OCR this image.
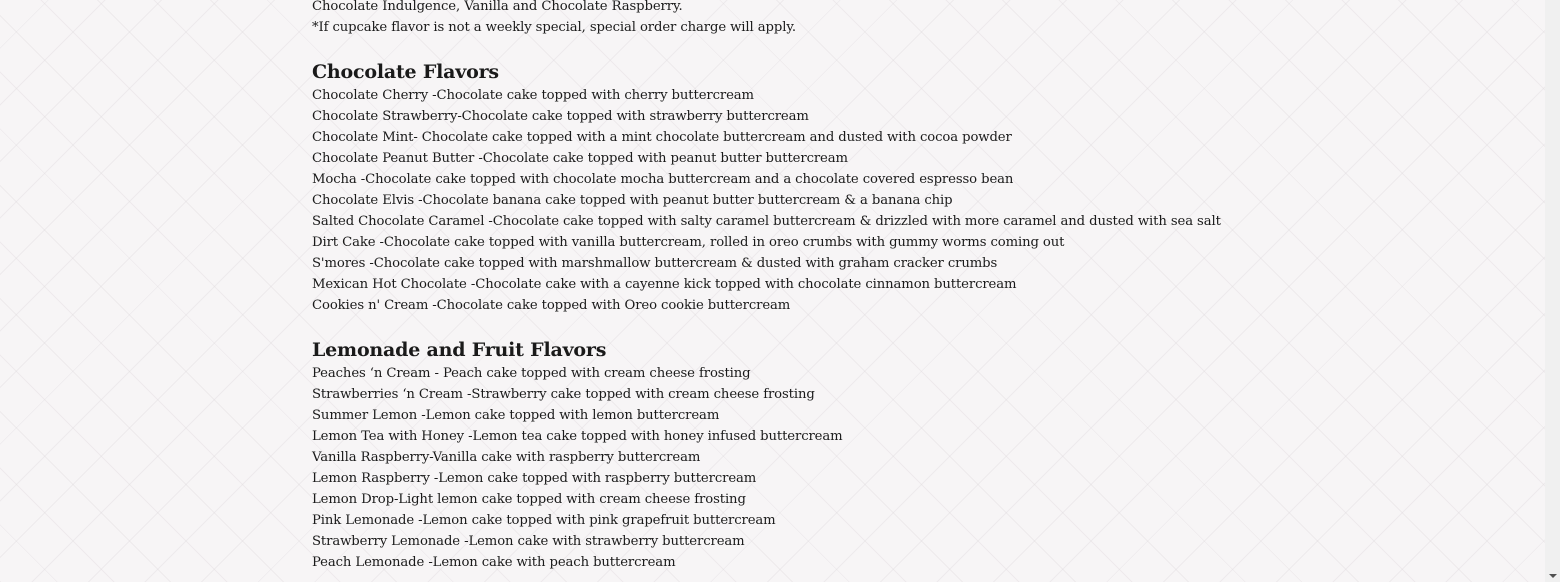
Chocolate Indulgence, Vanilla and Chocolate Raspberry.
*If cupcake flavor is not a weekly special, special order charge will apply.
Chocolate Flavors
Chocolate Cherry -Chocolate cake topped with cherry buttercream
Chocolate Strawberry-Chocolate cake topped with strawberry buttercream
Chocolate Mint- Chocolate cake topped with a mint chocolate buttercream and dusted with cocoa powder
Chocolate Peanut Butter -Chocolate cake topped with peanut butter buttercream
Mocha -Chocolate cake topped with chocolate mocha buttercream and a chocolate covered espresso bean
Chocolate Elvis -Chocolate banana cake topped with peanut butter buttercream & a banana chip
Salted Chocolate Caramel -Chocolate cake topped with salty caramel buttercream & drizzled with more caramel and dusted with sea salt
Dirt Cake -Chocolate cake topped with vanilla buttercream, rolled in oreo crumbs with gummy worms coming out
S'mores -Chocolate cake topped with marshmallow buttercream & dusted with graham cracker crumbs
Mexican Hot Chocolate -Chocolate cake with a cayenne kick topped with chocolate cinnamon buttercream
Cookies n' Cream -Chocolate cake topped with Oreo cookie buttercream
Lemonade and Fruit Flavors
Peaches ‘n Cream - Peach cake topped with cream cheese frosting
Strawberries ‘n Cream -Strawberry cake topped with cream cheese frosting
Summer Lemon -Lemon cake topped with lemon buttercream
Lemon Tea with Honey -Lemon tea cake topped with honey infused buttercream
Vanilla Raspberry-Vanilla cake with raspberry buttercream
Lemon Raspberry -Lemon cake topped with raspberry buttercream
Lemon Drop-Light lemon cake topped with cream cheese frosting
Pink Lemonade -Lemon cake topped with pink grapefruit buttercream
Strawberry Lemonade -Lemon cake with strawberry buttercream
Peach Lemonade -Lemon cake with peach buttercream
